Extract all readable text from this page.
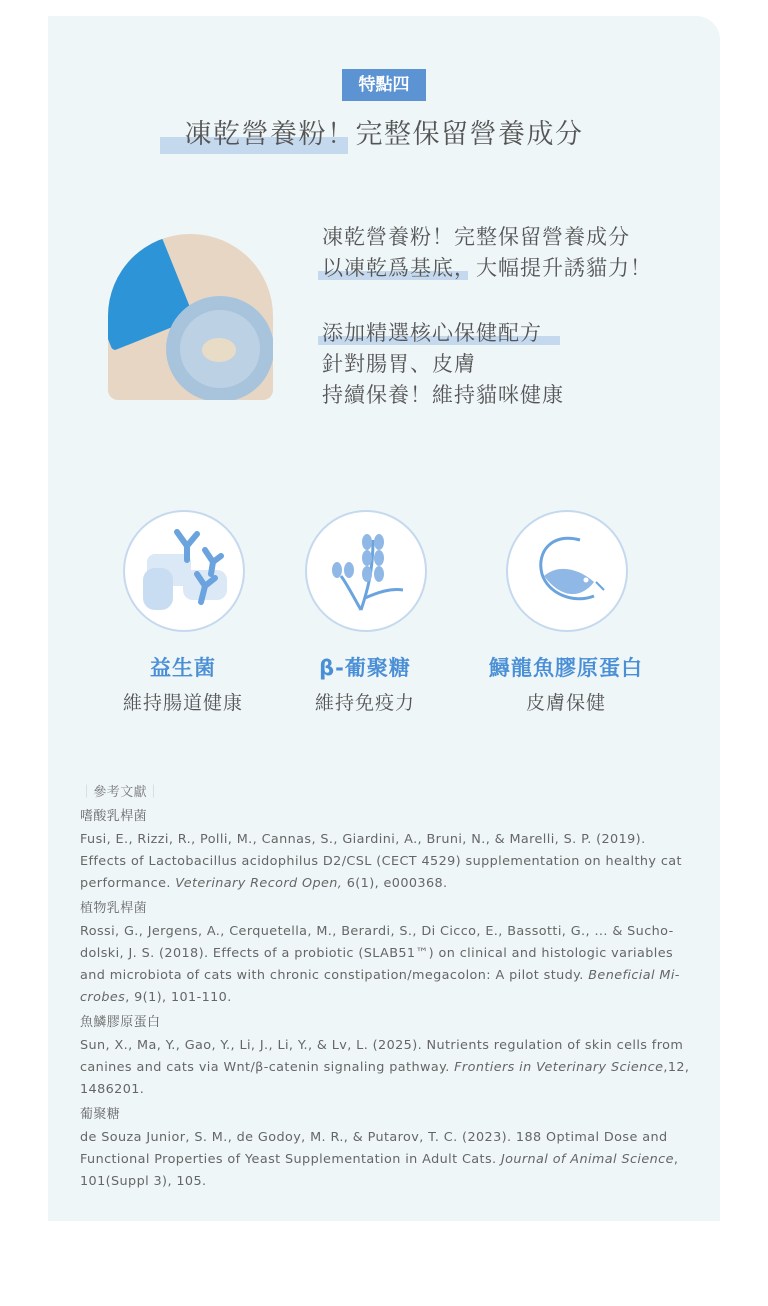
特點四
凍乾營養粉！完整保留營養成分
凍乾營養粉！完整保留營養成分
以凍乾爲基底，大幅提升誘貓力！
添加精選核心保健配方
針對腸胃、皮膚
持續保養！維持貓咪健康
益生菌
維持腸道健康
β-葡聚糖
維持免疫力
鱘龍魚膠原蛋白
皮膚保健
｜參考文獻｜
嗜酸乳桿菌

Fusi, E., Rizzi, R., Polli, M., Cannas, S., Giardini, A., Bruni, N., & Marelli, S. P. (2019). Effects of Lactobacillus acidophilus D2/CSL (CECT 4529) supplementation on healthy cat performance. Veterinary Record Open, 6(1), e000368.

植物乳桿菌

Rossi, G., Jergens, A., Cerquetella, M., Berardi, S., Di Cicco, E., Bassotti, G., ... & Sucho-dolski, J. S. (2018). Effects of a probiotic (SLAB51™) on clinical and histologic variables and microbiota of cats with chronic constipation/megacolon: A pilot study. Beneficial Mi-crobes, 9(1), 101-110.

魚鱗膠原蛋白

Sun, X., Ma, Y., Gao, Y., Li, J., Li, Y., & Lv, L. (2025). Nutrients regulation of skin cells from canines and cats via Wnt/β-catenin signaling pathway. Frontiers in Veterinary Science,12, 1486201.

葡聚糖

de Souza Junior, S. M., de Godoy, M. R., & Putarov, T. C. (2023). 188 Optimal Dose and Functional Properties of Yeast Supplementation in Adult Cats. Journal of Animal Science, 101(Suppl 3), 105.
